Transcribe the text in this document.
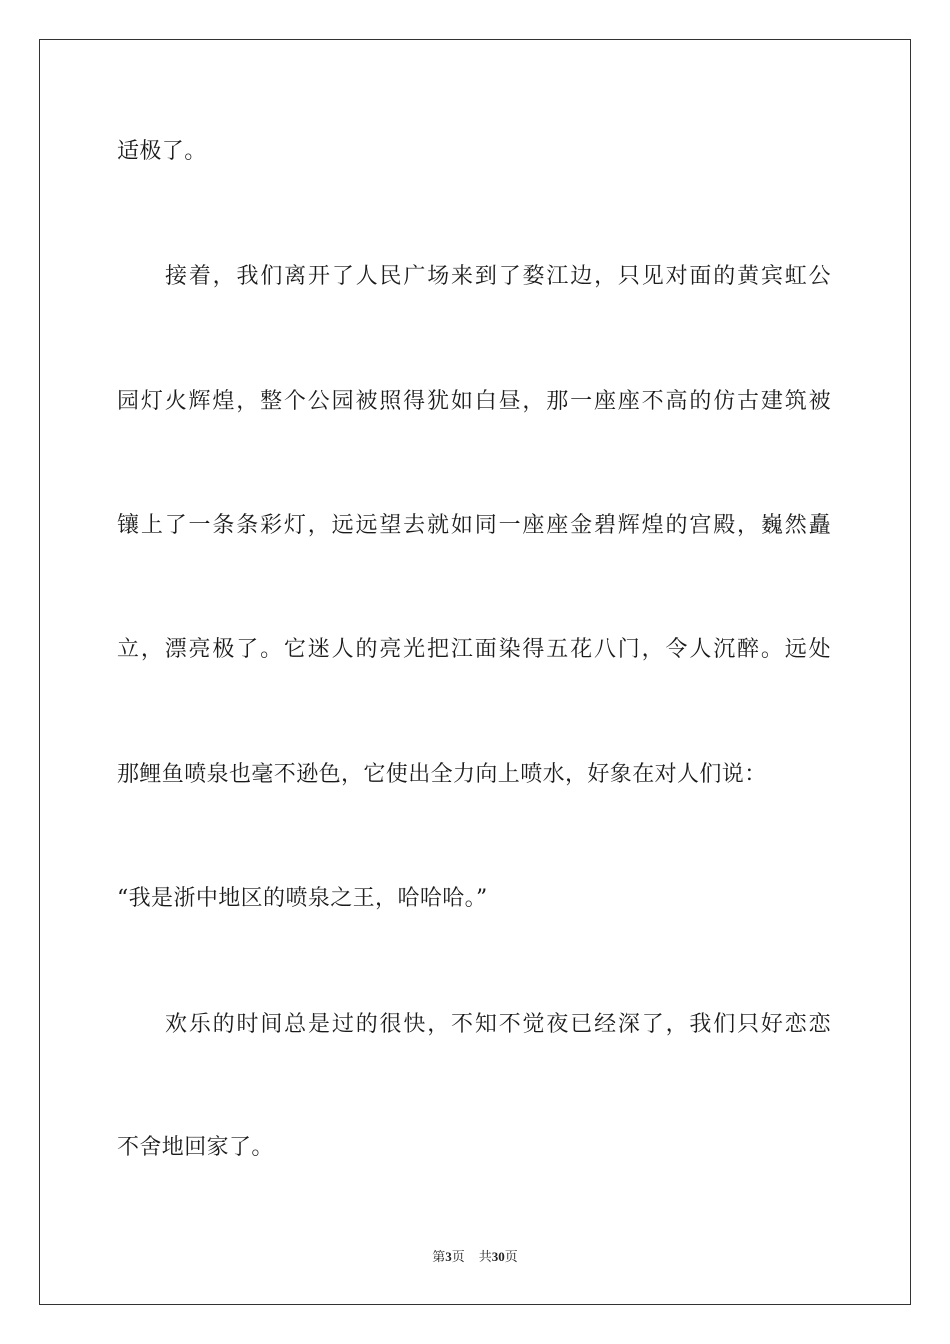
适极了。
接着，我们离开了人民广场来到了婺江边，只见对面的黄宾虹公
园灯火辉煌，整个公园被照得犹如白昼，那一座座不高的仿古建筑被
镶上了一条条彩灯，远远望去就如同一座座金碧辉煌的宫殿，巍然矗
立，漂亮极了。它迷人的亮光把江面染得五花八门，令人沉醉。远处
那鲤鱼喷泉也毫不逊色，它使出全力向上喷水，好象在对人们说：
“我是浙中地区的喷泉之王，哈哈哈。”
欢乐的时间总是过的很快，不知不觉夜已经深了，我们只好恋恋
不舍地回家了。
第3页 共30页
